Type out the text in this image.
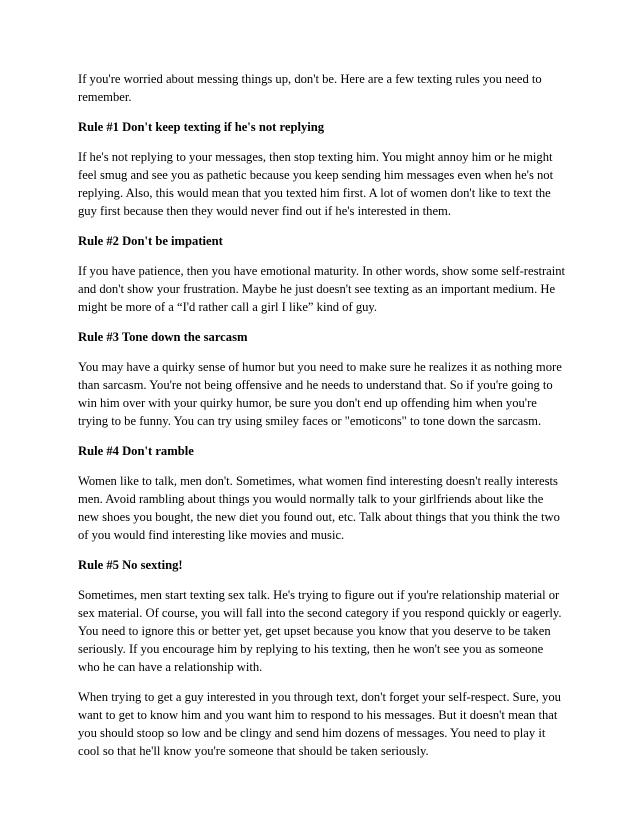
If you're worried about messing things up, don't be. Here are a few texting rules you need to remember.

Rule #1 Don't keep texting if he's not replying

If he's not replying to your messages, then stop texting him. You might annoy him or he might feel smug and see you as pathetic because you keep sending him messages even when he's not replying. Also, this would mean that you texted him first. A lot of women don't like to text the guy first because then they would never find out if he's interested in them.

Rule #2 Don't be impatient

If you have patience, then you have emotional maturity. In other words, show some self-restraint and don't show your frustration. Maybe he just doesn't see texting as an important medium. He might be more of a “I'd rather call a girl I like” kind of guy.

Rule #3 Tone down the sarcasm

You may have a quirky sense of humor but you need to make sure he realizes it as nothing more than sarcasm. You're not being offensive and he needs to understand that. So if you're going to win him over with your quirky humor, be sure you don't end up offending him when you're trying to be funny. You can try using smiley faces or "emoticons" to tone down the sarcasm.

Rule #4 Don't ramble

Women like to talk, men don't. Sometimes, what women find interesting doesn't really interests men. Avoid rambling about things you would normally talk to your girlfriends about like the new shoes you bought, the new diet you found out, etc. Talk about things that you think the two of you would find interesting like movies and music.

Rule #5 No sexting!

Sometimes, men start texting sex talk. He's trying to figure out if you're relationship material or sex material. Of course, you will fall into the second category if you respond quickly or eagerly. You need to ignore this or better yet, get upset because you know that you deserve to be taken seriously. If you encourage him by replying to his texting, then he won't see you as someone who he can have a relationship with.

When trying to get a guy interested in you through text, don't forget your self-respect. Sure, you want to get to know him and you want him to respond to his messages. But it doesn't mean that you should stoop so low and be clingy and send him dozens of messages. You need to play it cool so that he'll know you're someone that should be taken seriously.
